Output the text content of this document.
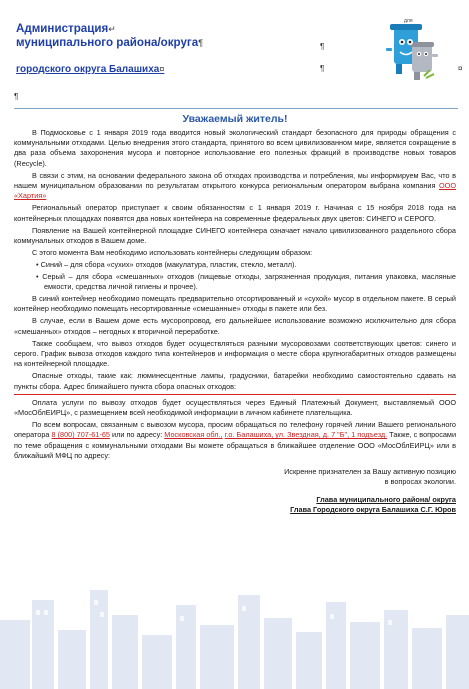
Администрация↵
муниципального района/округа¶
городского округа Балашиха¤
¶
¶	¤
¶
для
Уважаемый житель!

В Подмосковье с 1 января 2019 года вводится новый экологический стандарт безопасного для природы обращения с коммунальными отходами. Целью внедрения этого стандарта, принятого во всем цивилизованном мире, является сокращение в два раза объема захоронения мусора и повторное использование его полезных фракций в производстве новых товаров (Recycle).

В связи с этим, на основании федерального закона об отходах производства и потребления, мы информируем Вас, что в нашем муниципальном образовании по результатам открытого конкурса региональным оператором выбрана компания ООО «Хартия»

Региональный оператор приступает к своим обязанностям с 1 января 2019 г. Начиная с 15 ноября 2018 года на контейнерных площадках появятся два новых контейнера на современные федеральных двух цветов: СИНЕГО и СЕРОГО.

Появление на Вашей контейнерной площадке СИНЕГО контейнера означает начало цивилизованного раздельного сбора коммунальных отходов в Вашем доме.

С этого момента Вам необходимо использовать контейнеры следующим образом:

• Синий – для сбора «сухих» отходов (макулатура, пластик, стекло, металл).
• Серый – для сбора «смешанных» отходов (пищевые отходы, загрязненная продукция, питания упаковка, масляные емкости, средства личной гигиены и прочее).

В синий контейнер необходимо помещать предварительно отсортированный и «сухой» мусор в отдельном пакете. В серый контейнер необходимо помещать несортированные «смешанные» отходы в пакете или без.

В случае, если в Вашем доме есть мусоропровод, его дальнейшее использование возможно исключительно для сбора «смешанных» отходов – негодных к вторичной переработке.

Также сообщаем, что вывоз отходов будет осуществляться разными мусоровозами соответствующих цветов: синего и серого. График вывоза отходов каждого типа контейнеров и информация о месте сбора крупногабаритных отходов размещены на контейнерной площадке.

Опасные отходы, такие как: люминесцентные лампы, градусники, батарейки необходимо самостоятельно сдавать на пункты сбора. Адрес ближайшего пункта сбора опасных отходов:

Оплата услуги по вывозу отходов будет осуществляться через Единый Платежный Документ, выставляемый ООО «МосОблЕИРЦ», с размещением всей необходимой информации в личном кабинете плательщика.

По всем вопросам, связанным с вывозом мусора, просим обращаться по телефону горячей линии Вашего регионального оператора 8 (800) 707-61-65 или по адресу: Московская обл., г.о. Балашиха, ул. Звездная, д. 7 "Б", 1 подъезд. Также, с вопросами по теме обращения с коммунальными отходами Вы можете обращаться в ближайшее отделение ООО «МосОблЕИРЦ» или в ближайший МФЦ по адресу:

Искренне признателен за Вашу активную позицию
в вопросах экологии.
Глава муниципального района/ округа
Глава Городского округа Балашиха С.Г. Юров
